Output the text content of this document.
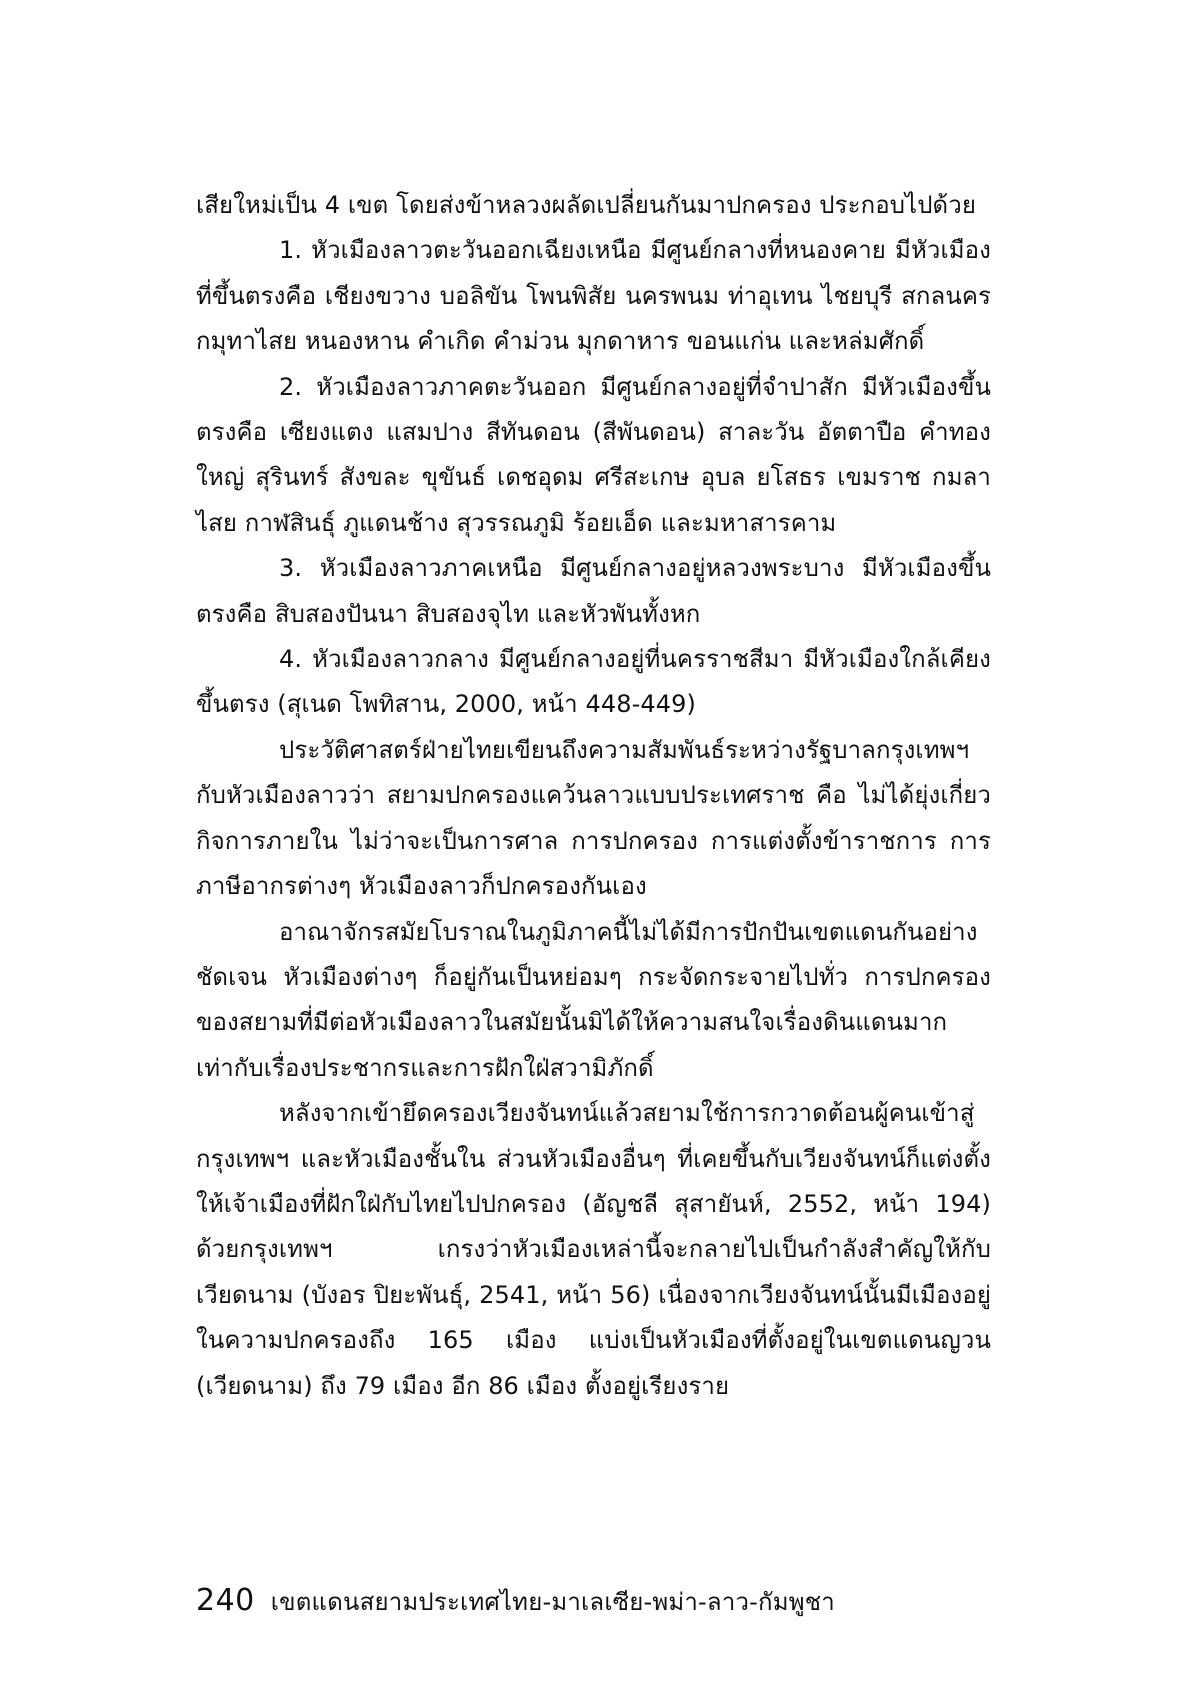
เสียใหม่เป็น 4 เขต โดยส่งข้าหลวงผลัดเปลี่ยนกันมาปกครอง ประกอบไปด้วย

1. หัวเมืองลาวตะวันออกเฉียงเหนือ มีศูนย์กลางที่หนองคาย มีหัวเมืองที่ขึ้นตรงคือ เชียงขวาง บอลิขัน โพนพิสัย นครพนม ท่าอุเทน ไชยบุรี สกลนคร กมุทาไสย หนองหาน คำเกิด คำม่วน มุกดาหาร ขอนแก่น และหล่มศักดิ์

2. หัวเมืองลาวภาคตะวันออก มีศูนย์กลางอยู่ที่จำปาสัก มีหัวเมืองขึ้นตรงคือ เซียงแตง แสมปาง สีทันดอน (สีพันดอน) สาละวัน อัตตาปือ คำทองใหญ่ สุรินทร์ สังขละ ขุขันธ์ เดชอุดม ศรีสะเกษ อุบล ยโสธร เขมราช กมลาไสย กาฬสินธุ์ ภูแดนช้าง สุวรรณภูมิ ร้อยเอ็ด และมหาสารคาม

3. หัวเมืองลาวภาคเหนือ มีศูนย์กลางอยู่หลวงพระบาง มีหัวเมืองขึ้นตรงคือ สิบสองปันนา สิบสองจุไท และหัวพันทั้งหก

4. หัวเมืองลาวกลาง มีศูนย์กลางอยู่ที่นครราชสีมา มีหัวเมืองใกล้เคียงขึ้นตรง (สุเนด โพทิสาน, 2000, หน้า 448-449)

ประวัติศาสตร์ฝ่ายไทยเขียนถึงความสัมพันธ์ระหว่างรัฐบาลกรุงเทพฯ กับหัวเมืองลาวว่า สยามปกครองแคว้นลาวแบบประเทศราช คือ ไม่ได้ยุ่งเกี่ยวกิจการภายใน ไม่ว่าจะเป็นการศาล การปกครอง การแต่งตั้งข้าราชการ การภาษีอากรต่างๆ หัวเมืองลาวก็ปกครองกันเอง

อาณาจักรสมัยโบราณในภูมิภาคนี้ไม่ได้มีการปักปันเขตแดนกันอย่างชัดเจน หัวเมืองต่างๆ ก็อยู่กันเป็นหย่อมๆ กระจัดกระจายไปทั่ว การปกครองของสยามที่มีต่อหัวเมืองลาวในสมัยนั้นมิได้ให้ความสนใจเรื่องดินแดนมากเท่ากับเรื่องประชากรและการฝักใฝ่สวามิภักดิ์

หลังจากเข้ายึดครองเวียงจันทน์แล้วสยามใช้การกวาดต้อนผู้คนเข้าสู่กรุงเทพฯ และหัวเมืองชั้นใน ส่วนหัวเมืองอื่นๆ ที่เคยขึ้นกับเวียงจันทน์ก็แต่งตั้งให้เจ้าเมืองที่ฝักใฝ่กับไทยไปปกครอง (อัญชลี สุสายันห์, 2552, หน้า 194) ด้วยกรุงเทพฯ เกรงว่าหัวเมืองเหล่านี้จะกลายไปเป็นกำลังสำคัญให้กับเวียดนาม (บังอร ปิยะพันธุ์, 2541, หน้า 56) เนื่องจากเวียงจันทน์นั้นมีเมืองอยู่ในความปกครองถึง 165 เมือง แบ่งเป็นหัวเมืองที่ตั้งอยู่ในเขตแดนญวน (เวียดนาม) ถึง 79 เมือง อีก 86 เมือง ตั้งอยู่เรียงราย

240 เขตแดนสยามประเทศไทย-มาเลเซีย-พม่า-ลาว-กัมพูชา
